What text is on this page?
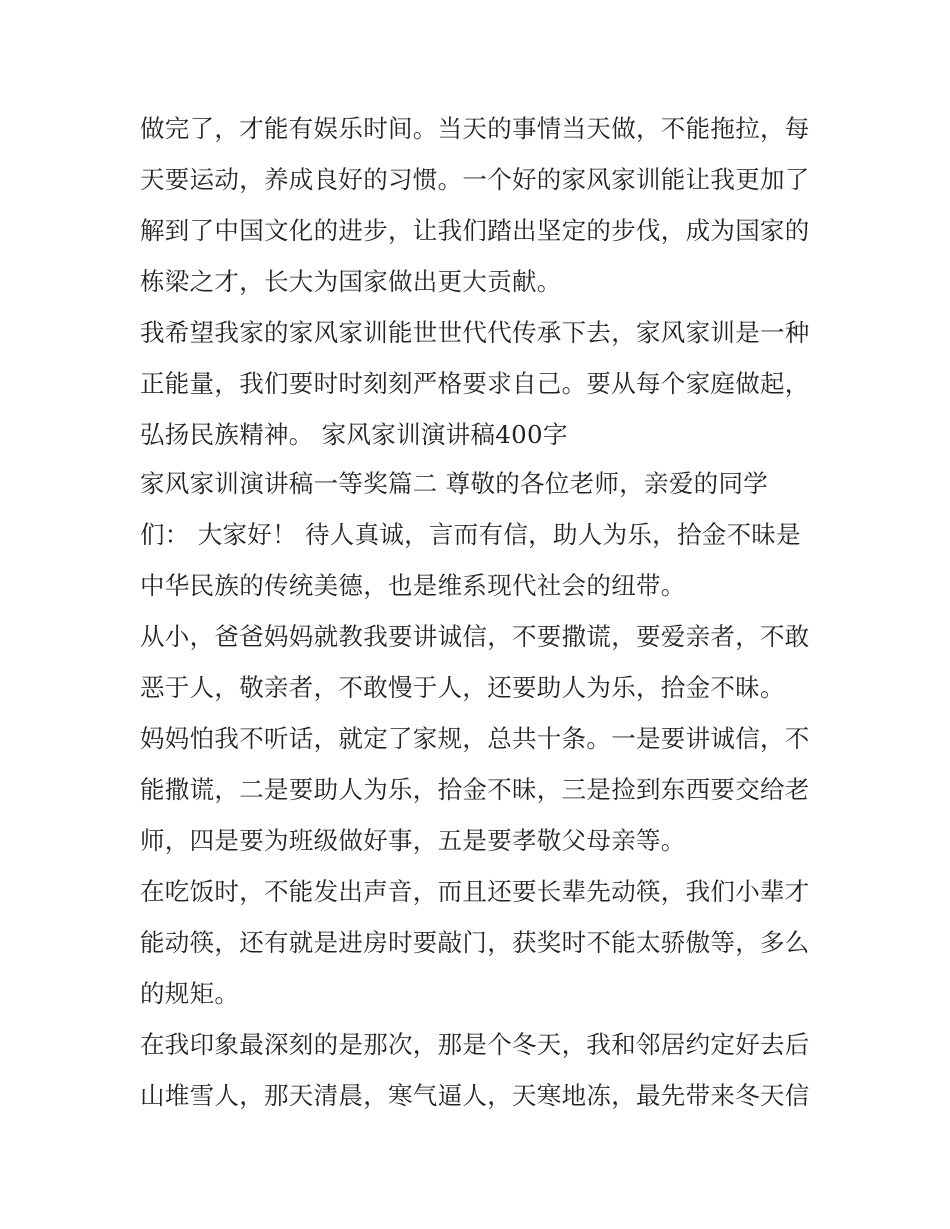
做完了，才能有娱乐时间。当天的事情当天做，不能拖拉，每
天要运动，养成良好的习惯。一个好的家风家训能让我更加了
解到了中国文化的进步，让我们踏出坚定的步伐，成为国家的
栋梁之才，长大为国家做出更大贡献。
我希望我家的家风家训能世世代代传承下去，家风家训是一种
正能量，我们要时时刻刻严格要求自己。要从每个家庭做起，
弘扬民族精神。 家风家训演讲稿400字
家风家训演讲稿一等奖篇二 尊敬的各位老师，亲爱的同学
们： 大家好！ 待人真诚，言而有信，助人为乐，拾金不昧是
中华民族的传统美德，也是维系现代社会的纽带。
从小，爸爸妈妈就教我要讲诚信，不要撒谎，要爱亲者，不敢
恶于人，敬亲者，不敢慢于人，还要助人为乐，拾金不昧。
妈妈怕我不听话，就定了家规，总共十条。一是要讲诚信，不
能撒谎，二是要助人为乐，拾金不昧，三是捡到东西要交给老
师，四是要为班级做好事，五是要孝敬父母亲等。
在吃饭时，不能发出声音，而且还要长辈先动筷，我们小辈才
能动筷，还有就是进房时要敲门，获奖时不能太骄傲等，多么
的规矩。
在我印象最深刻的是那次，那是个冬天，我和邻居约定好去后
山堆雪人，那天清晨，寒气逼人，天寒地冻，最先带来冬天信
